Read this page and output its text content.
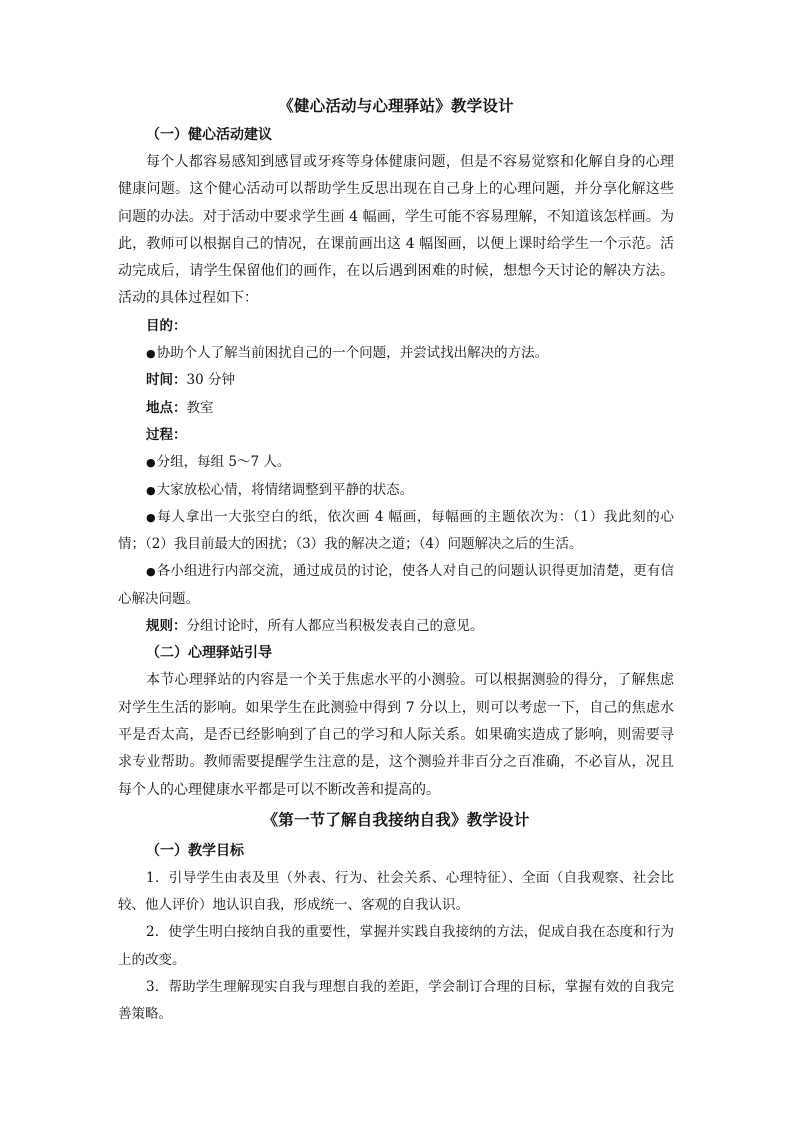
《健心活动与心理驿站》教学设计

（一）健心活动建议

每个人都容易感知到感冒或牙疼等身体健康问题，但是不容易觉察和化解自身的心理健康问题。这个健心活动可以帮助学生反思出现在自己身上的心理问题，并分享化解这些问题的办法。对于活动中要求学生画 4 幅画，学生可能不容易理解，不知道该怎样画。为此，教师可以根据自己的情况，在课前画出这 4 幅图画，以便上课时给学生一个示范。活动完成后，请学生保留他们的画作，在以后遇到困难的时候，想想今天讨论的解决方法。活动的具体过程如下：

目的：

●协助个人了解当前困扰自己的一个问题，并尝试找出解决的方法。

时间：30 分钟

地点：教室

过程：

●分组，每组 5～7 人。

●大家放松心情，将情绪调整到平静的状态。

●每人拿出一大张空白的纸，依次画 4 幅画，每幅画的主题依次为：（1）我此刻的心情；（2）我目前最大的困扰；（3）我的解决之道；（4）问题解决之后的生活。

●各小组进行内部交流，通过成员的讨论，使各人对自己的问题认识得更加清楚，更有信心解决问题。

规则：分组讨论时，所有人都应当积极发表自己的意见。

（二）心理驿站引导

本节心理驿站的内容是一个关于焦虑水平的小测验。可以根据测验的得分，了解焦虑对学生生活的影响。如果学生在此测验中得到 7 分以上，则可以考虑一下，自己的焦虑水平是否太高，是否已经影响到了自己的学习和人际关系。如果确实造成了影响，则需要寻求专业帮助。教师需要提醒学生注意的是，这个测验并非百分之百准确，不必盲从，况且每个人的心理健康水平都是可以不断改善和提高的。

《第一节了解自我接纳自我》教学设计

（一）教学目标

1．引导学生由表及里（外表、行为、社会关系、心理特征）、全面（自我观察、社会比较、他人评价）地认识自我，形成统一、客观的自我认识。

2．使学生明白接纳自我的重要性，掌握并实践自我接纳的方法，促成自我在态度和行为上的改变。

3．帮助学生理解现实自我与理想自我的差距，学会制订合理的目标，掌握有效的自我完善策略。
